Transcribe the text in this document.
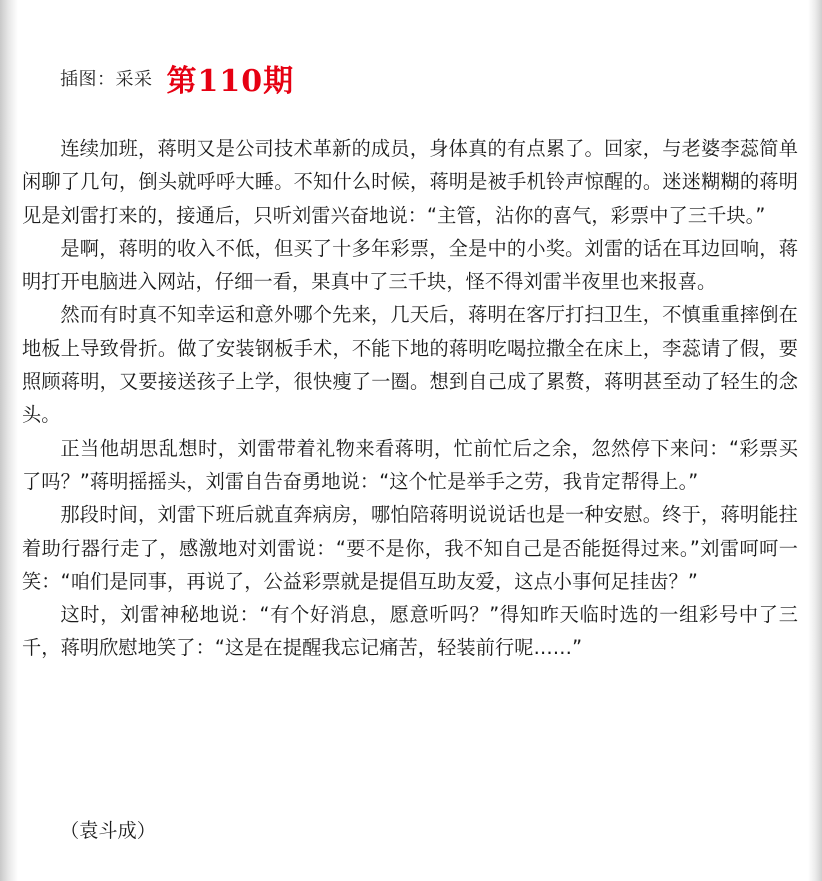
插图：采采 第110期

连续加班，蒋明又是公司技术革新的成员，身体真的有点累了。回家，与老婆李蕊简单闲聊了几句，倒头就呼呼大睡。不知什么时候，蒋明是被手机铃声惊醒的。迷迷糊糊的蒋明见是刘雷打来的，接通后，只听刘雷兴奋地说：“主管，沾你的喜气，彩票中了三千块。”

是啊，蒋明的收入不低，但买了十多年彩票，全是中的小奖。刘雷的话在耳边回响，蒋明打开电脑进入网站，仔细一看，果真中了三千块，怪不得刘雷半夜里也来报喜。

然而有时真不知幸运和意外哪个先来，几天后，蒋明在客厅打扫卫生，不慎重重摔倒在地板上导致骨折。做了安装钢板手术，不能下地的蒋明吃喝拉撒全在床上，李蕊请了假，要照顾蒋明，又要接送孩子上学，很快瘦了一圈。想到自己成了累赘，蒋明甚至动了轻生的念头。

正当他胡思乱想时，刘雷带着礼物来看蒋明，忙前忙后之余，忽然停下来问：“彩票买了吗？”蒋明摇摇头，刘雷自告奋勇地说：“这个忙是举手之劳，我肯定帮得上。”

那段时间，刘雷下班后就直奔病房，哪怕陪蒋明说说话也是一种安慰。终于，蒋明能拄着助行器行走了，感激地对刘雷说：“要不是你，我不知自己是否能挺得过来。”刘雷呵呵一笑：“咱们是同事，再说了，公益彩票就是提倡互助友爱，这点小事何足挂齿？”

这时，刘雷神秘地说：“有个好消息，愿意听吗？”得知昨天临时选的一组彩号中了三千，蒋明欣慰地笑了：“这是在提醒我忘记痛苦，轻装前行呢……”

（袁斗成）
